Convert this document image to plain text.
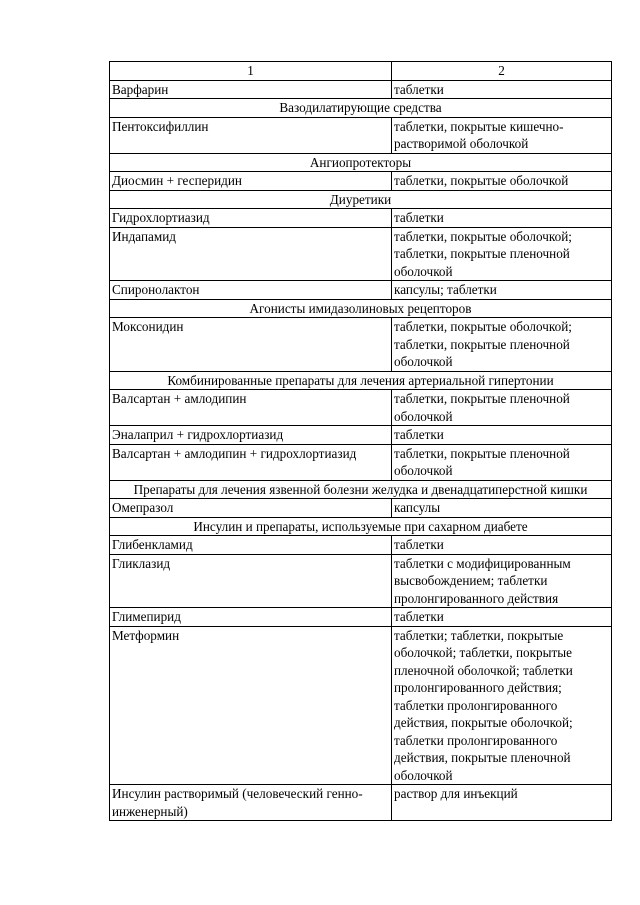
1	2
Варфарин	таблетки
Вазодилатирующие средства	
Пентоксифиллин	таблетки, покрытые кишечно-растворимой оболочкой
Ангиопротекторы	
Диосмин + гесперидин	таблетки, покрытые оболочкой
Диуретики	
Гидрохлортиазид	таблетки
Индапамид	таблетки, покрытые оболочкой; таблетки, покрытые пленочной оболочкой
Спиронолактон	капсулы; таблетки
Агонисты имидазолиновых рецепторов	
Моксонидин	таблетки, покрытые оболочкой; таблетки, покрытые пленочной оболочкой
Комбинированные препараты для лечения артериальной гипертонии	
Валсартан + амлодипин	таблетки, покрытые пленочной оболочкой
Эналаприл + гидрохлортиазид	таблетки
Валсартан + амлодипин + гидрохлортиазид	таблетки, покрытые пленочной оболочкой
Препараты для лечения язвенной болезни желудка и двенадцатиперстной кишки	
Омепразол	капсулы
Инсулин и препараты, используемые при сахарном диабете	
Глибенкламид	таблетки
Гликлазид	таблетки с модифицированным высвобождением; таблетки пролонгированного действия
Глимепирид	таблетки
Метформин	таблетки; таблетки, покрытые оболочкой; таблетки, покрытые пленочной оболочкой; таблетки пролонгированного действия; таблетки пролонгированного действия, покрытые оболочкой; таблетки пролонгированного действия, покрытые пленочной оболочкой
Инсулин растворимый (человеческий генно-инженерный)	раствор для инъекций
